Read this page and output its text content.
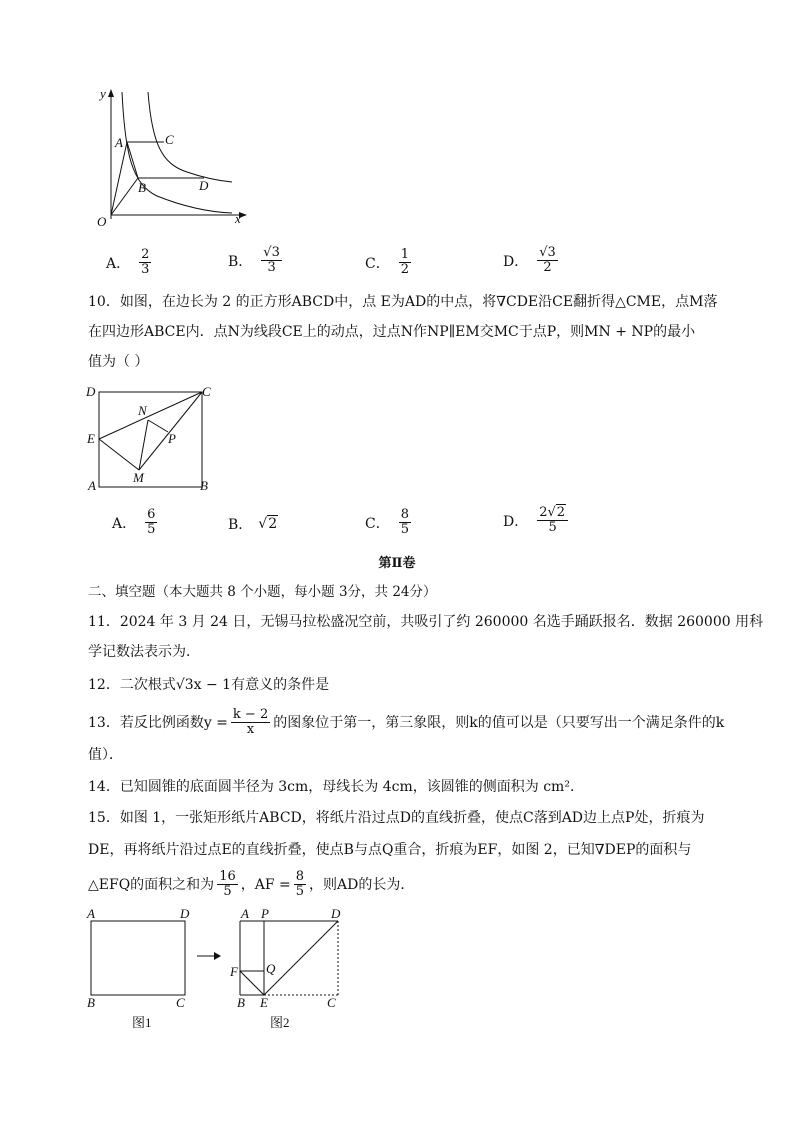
y
x
O
A	C
B	D
A． $\frac{2}{3}$	B． $\frac{√3}{3}$	C． $\frac{1}{2}$	D． $\frac{√3}{2}$
10．如图，在边长为 2 的正方形ABCD中，点 E为AD的中点，将∇CDE沿CE翻折得△CME，点M落
在四边形ABCE内．点N为线段CE上的动点，过点N作NP∥EM交MC于点P，则MN + NP的最小
值为（ ）
D	C
N
E	P
M
A	B
A． $\frac{6}{5}$	B． √2	C． $\frac{8}{5}$	D． $\frac{2√2}{5}$
第Ⅱ卷
二、填空题（本大题共 8 个小题，每小题 3分，共 24分）
11．2024 年 3 月 24 日，无锡马拉松盛况空前，共吸引了约 260000 名选手踊跃报名．数据 260000 用科
学记数法表示为．
12．二次根式√3x − 1有意义的条件是
13．若反比例函数$y = \frac{k - 2}{x}$ 的图象位于第一，第三象限，则k的值可以是（只要写出一个满足条件的k
值）．
14．已知圆锥的底面圆半径为 3cm，母线长为 4cm，该圆锥的侧面积为 cm²．
15．如图 1，一张矩形纸片ABCD，将纸片沿过点D的直线折叠，使点C落到AD边上点P处，折痕为
DE，再将纸片沿过点E的直线折叠，使点B与点Q重合，折痕为EF，如图 2，已知∇DEP的面积与
△EFQ的面积之和为 $\frac{16}{5}$ ，AF = $\frac{8}{5}$ ，则AD的长为．
A	D
B	C
图1
A P	D
F Q
B E	C
图2
